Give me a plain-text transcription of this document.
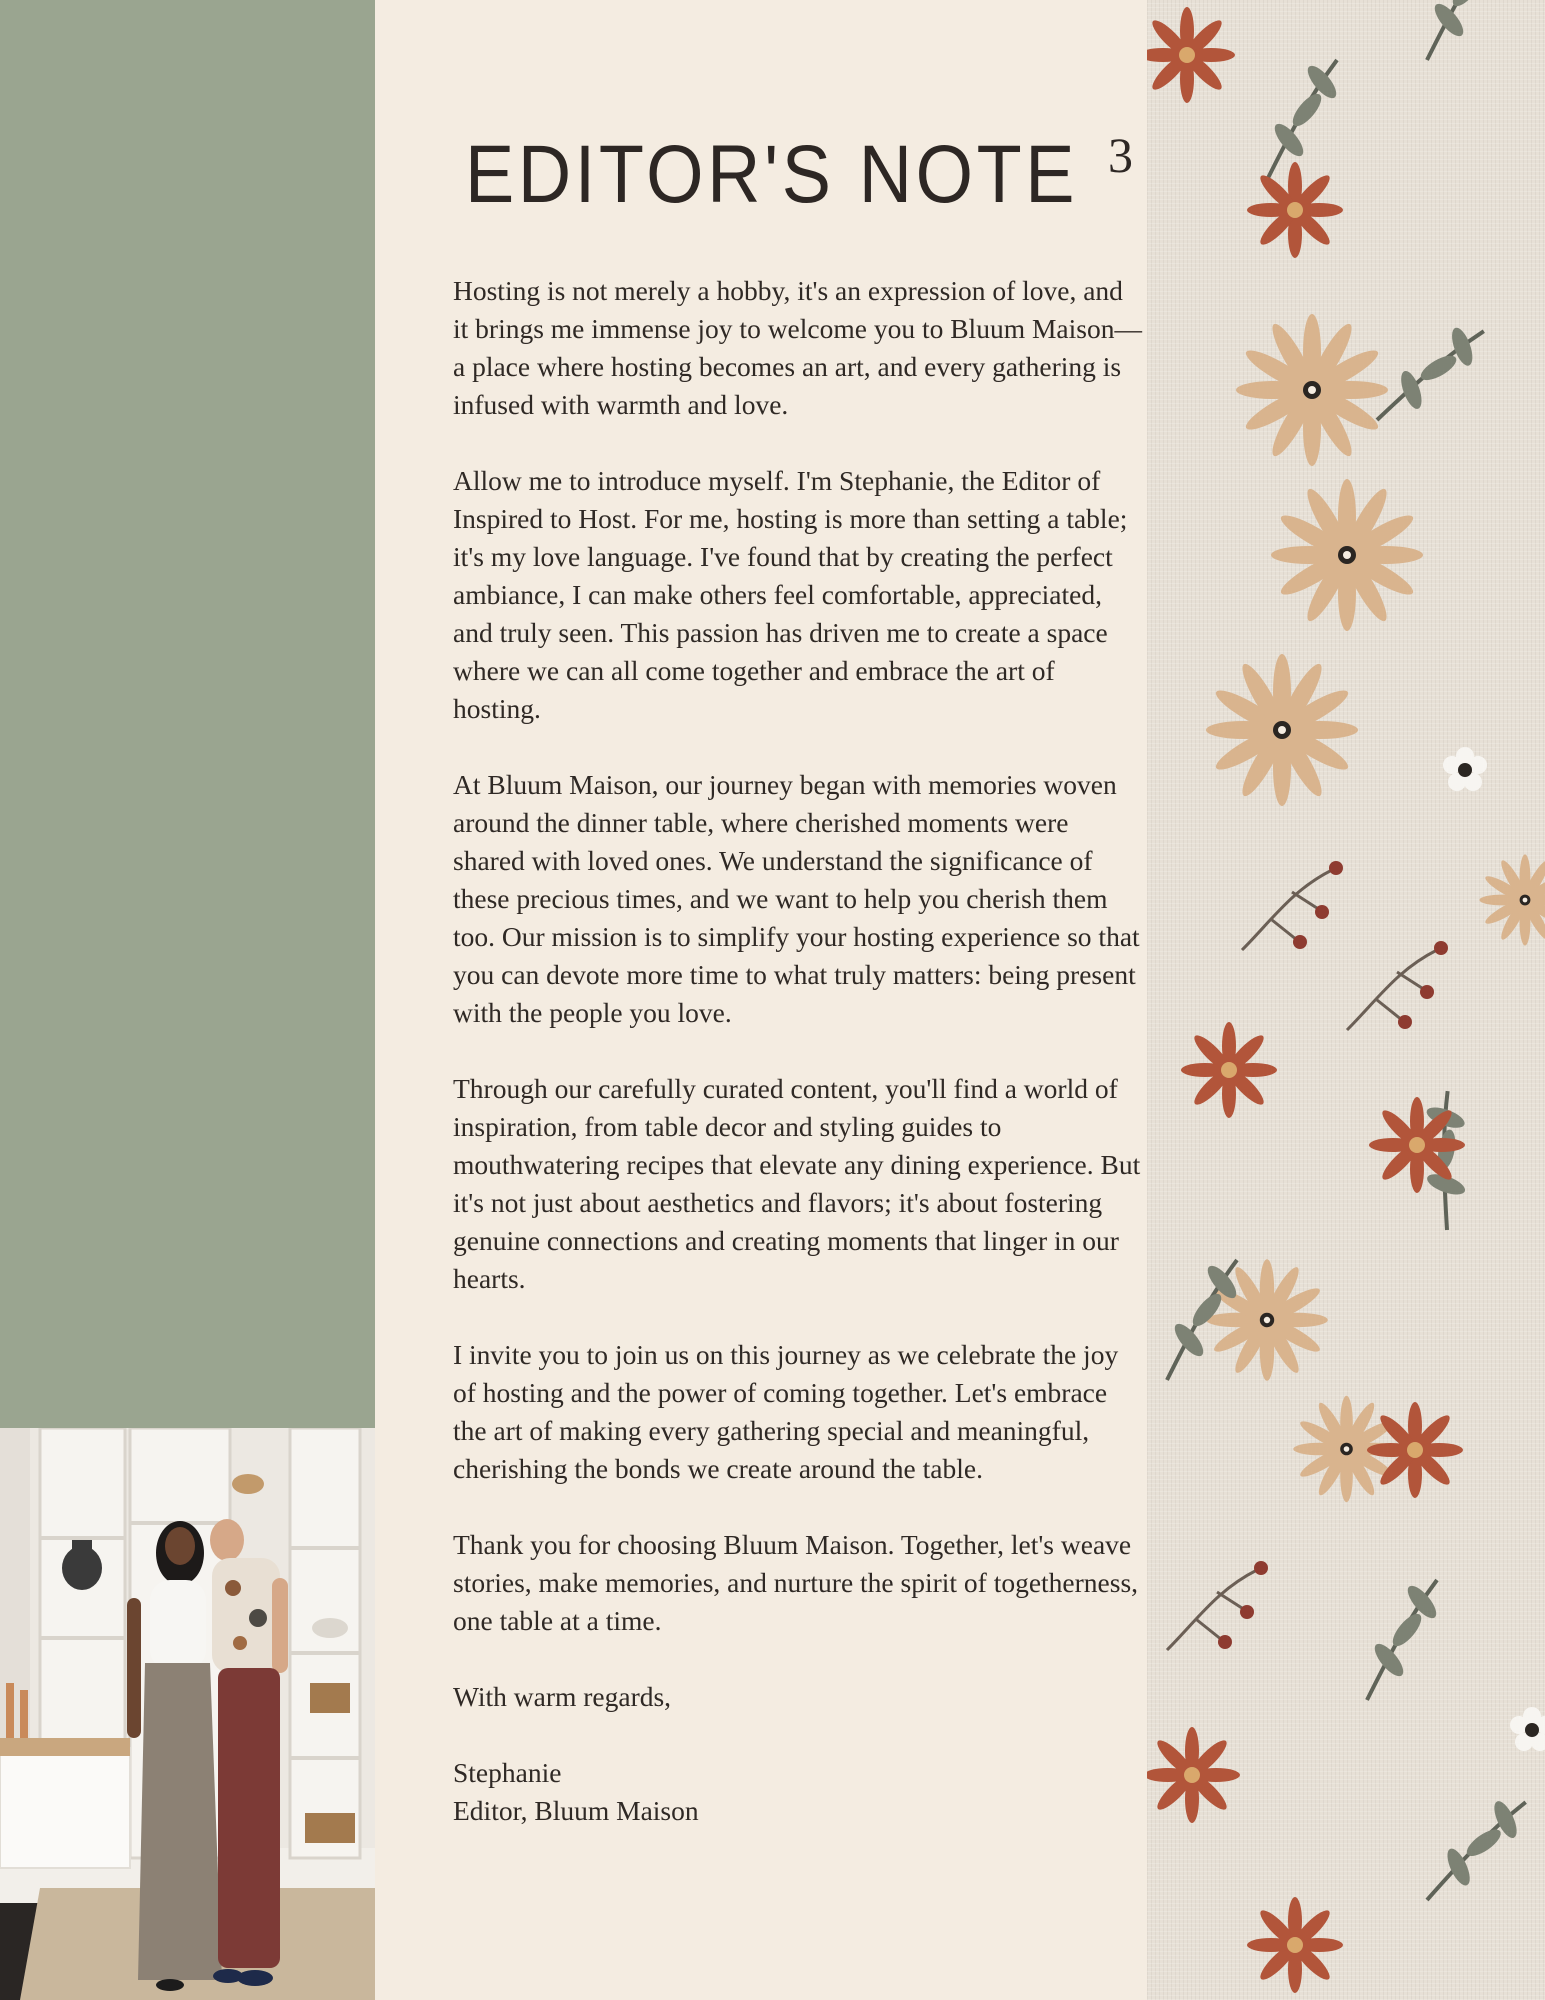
EDITOR'S NOTE 3

Hosting is not merely a hobby, it's an expression of love, and it brings me immense joy to welcome you to Bluum Maison—a place where hosting becomes an art, and every gathering is infused with warmth and love.

Allow me to introduce myself. I'm Stephanie, the Editor of Inspired to Host. For me, hosting is more than setting a table; it's my love language. I've found that by creating the perfect ambiance, I can make others feel comfortable, appreciated, and truly seen. This passion has driven me to create a space where we can all come together and embrace the art of hosting.

At Bluum Maison, our journey began with memories woven around the dinner table, where cherished moments were shared with loved ones. We understand the significance of these precious times, and we want to help you cherish them too. Our mission is to simplify your hosting experience so that you can devote more time to what truly matters: being present with the people you love.

Through our carefully curated content, you'll find a world of inspiration, from table decor and styling guides to mouthwatering recipes that elevate any dining experience. But it's not just about aesthetics and flavors; it's about fostering genuine connections and creating moments that linger in our hearts.

I invite you to join us on this journey as we celebrate the joy of hosting and the power of coming together. Let's embrace the art of making every gathering special and meaningful, cherishing the bonds we create around the table.

Thank you for choosing Bluum Maison. Together, let's weave stories, make memories, and nurture the spirit of togetherness, one table at a time.

With warm regards,

Stephanie

Editor, Bluum Maison
